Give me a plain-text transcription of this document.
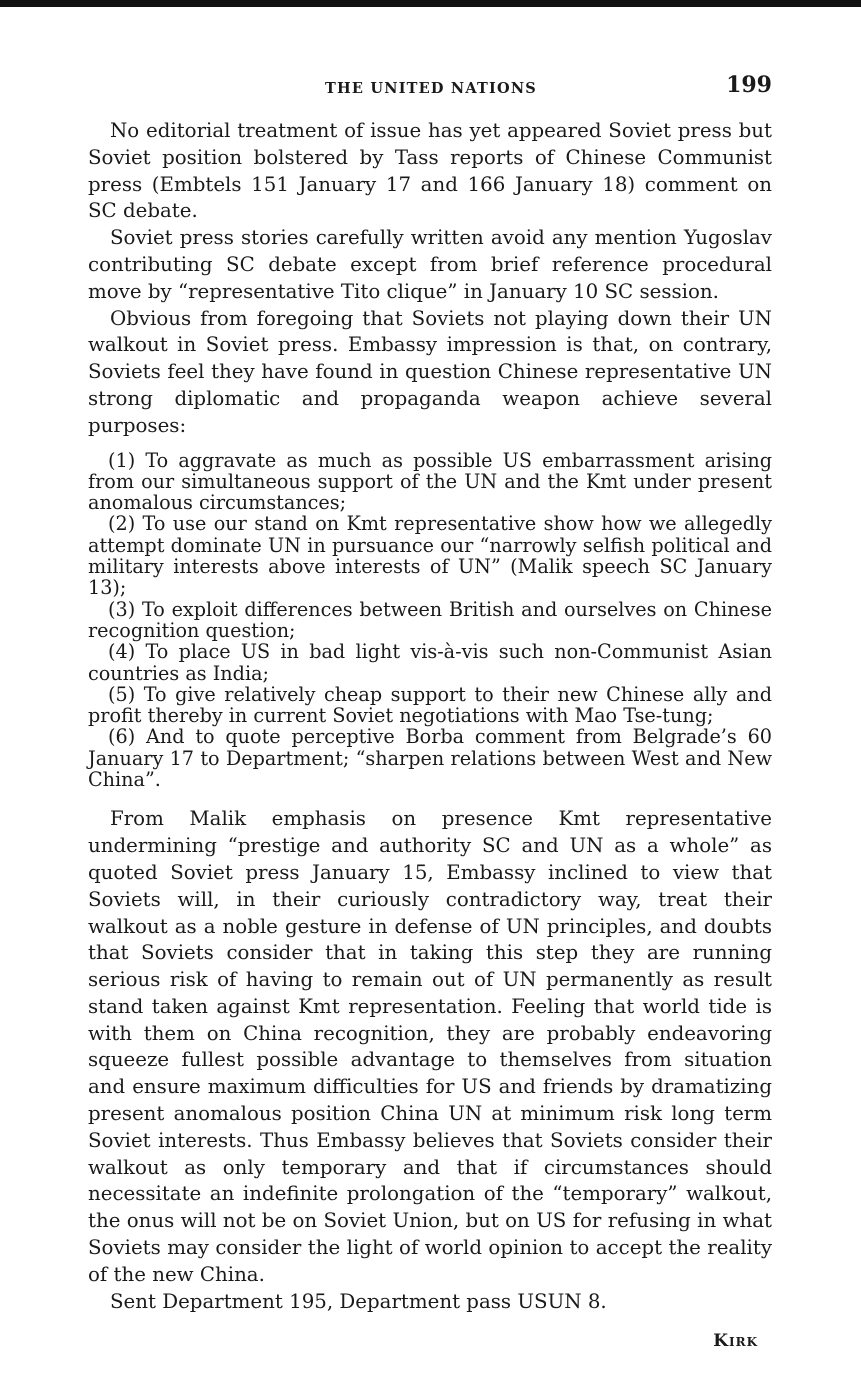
THE UNITED NATIONS	199

No editorial treatment of issue has yet appeared Soviet press but Soviet position bolstered by Tass reports of Chinese Communist press (Embtels 151 January 17 and 166 January 18) comment on SC debate.

Soviet press stories carefully written avoid any mention Yugoslav contributing SC debate except from brief reference procedural move by “representative Tito clique” in January 10 SC session.

Obvious from foregoing that Soviets not playing down their UN walkout in Soviet press. Embassy impression is that, on contrary, Soviets feel they have found in question Chinese representative UN strong diplomatic and propaganda weapon achieve several purposes:

(1) To aggravate as much as possible US embarrassment arising from our simultaneous support of the UN and the Kmt under present anomalous circumstances;

(2) To use our stand on Kmt representative show how we allegedly attempt dominate UN in pursuance our “narrowly selfish political and military interests above interests of UN” (Malik speech SC January 13);

(3) To exploit differences between British and ourselves on Chinese recognition question;

(4) To place US in bad light vis-à-vis such non-Communist Asian countries as India;

(5) To give relatively cheap support to their new Chinese ally and profit thereby in current Soviet negotiations with Mao Tse-tung;

(6) And to quote perceptive Borba comment from Belgrade’s 60 January 17 to Department; “sharpen relations between West and New China”.

From Malik emphasis on presence Kmt representative undermining “prestige and authority SC and UN as a whole” as quoted Soviet press January 15, Embassy inclined to view that Soviets will, in their curiously contradictory way, treat their walkout as a noble gesture in defense of UN principles, and doubts that Soviets consider that in taking this step they are running serious risk of having to remain out of UN permanently as result stand taken against Kmt representation. Feeling that world tide is with them on China recognition, they are probably endeavoring squeeze fullest possible advantage to themselves from situation and ensure maximum difficulties for US and friends by dramatizing present anomalous position China UN at minimum risk long term Soviet interests. Thus Embassy believes that Soviets consider their walkout as only temporary and that if circumstances should necessitate an indefinite prolongation of the “temporary” walkout, the onus will not be on Soviet Union, but on US for refusing in what Soviets may consider the light of world opinion to accept the reality of the new China.

Sent Department 195, Department pass USUN 8.

Kirk
